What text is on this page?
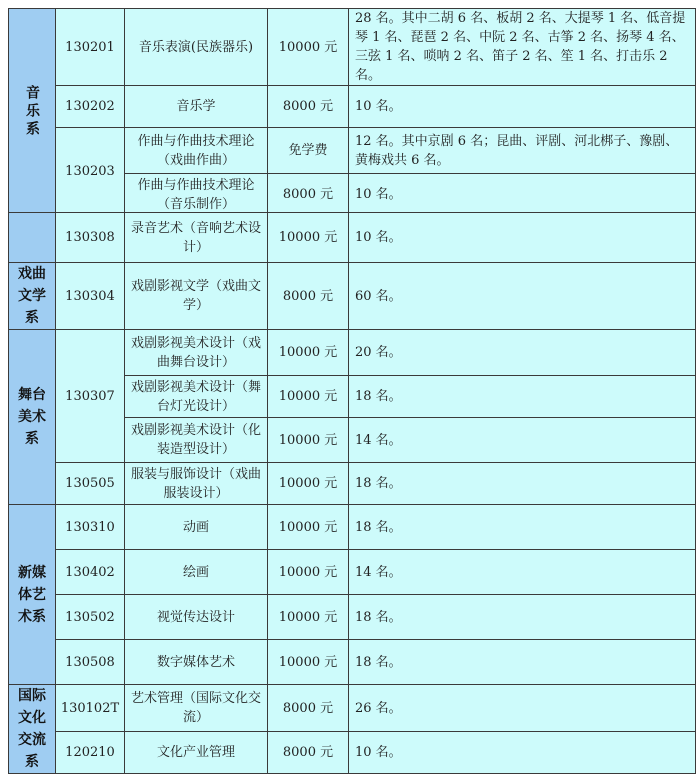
音乐系	130201	音乐表演(民族器乐)	10000 元	28 名。其中二胡 6 名、板胡 2 名、大提琴 1 名、低音提琴 1 名、琵琶 2 名、中阮 2 名、古筝 2 名、扬琴 4 名、三弦 1 名、唢呐 2 名、笛子 2 名、笙 1 名、打击乐 2 名。
	130202	音乐学	8000 元	10 名。
	130203	作曲与作曲技术理论（戏曲作曲）	免学费	12 名。其中京剧 6 名；昆曲、评剧、河北梆子、豫剧、黄梅戏共 6 名。
		作曲与作曲技术理论（音乐制作）	8000 元	10 名。
	130308	录音艺术（音响艺术设计）	10000 元	10 名。
戏曲文学系	130304	戏剧影视文学（戏曲文学）	8000 元	60 名。
舞台美术系	130307	戏剧影视美术设计（戏曲舞台设计）	10000 元	20 名。
		戏剧影视美术设计（舞台灯光设计）	10000 元	18 名。
		戏剧影视美术设计（化装造型设计）	10000 元	14 名。
	130505	服装与服饰设计（戏曲服装设计）	10000 元	18 名。
新媒体艺术系	130310	动画	10000 元	18 名。
	130402	绘画	10000 元	14 名。
	130502	视觉传达设计	10000 元	18 名。
	130508	数字媒体艺术	10000 元	18 名。
国际文化交流系	130102T	艺术管理（国际文化交流）	8000 元	26 名。
	120210	文化产业管理	8000 元	10 名。
